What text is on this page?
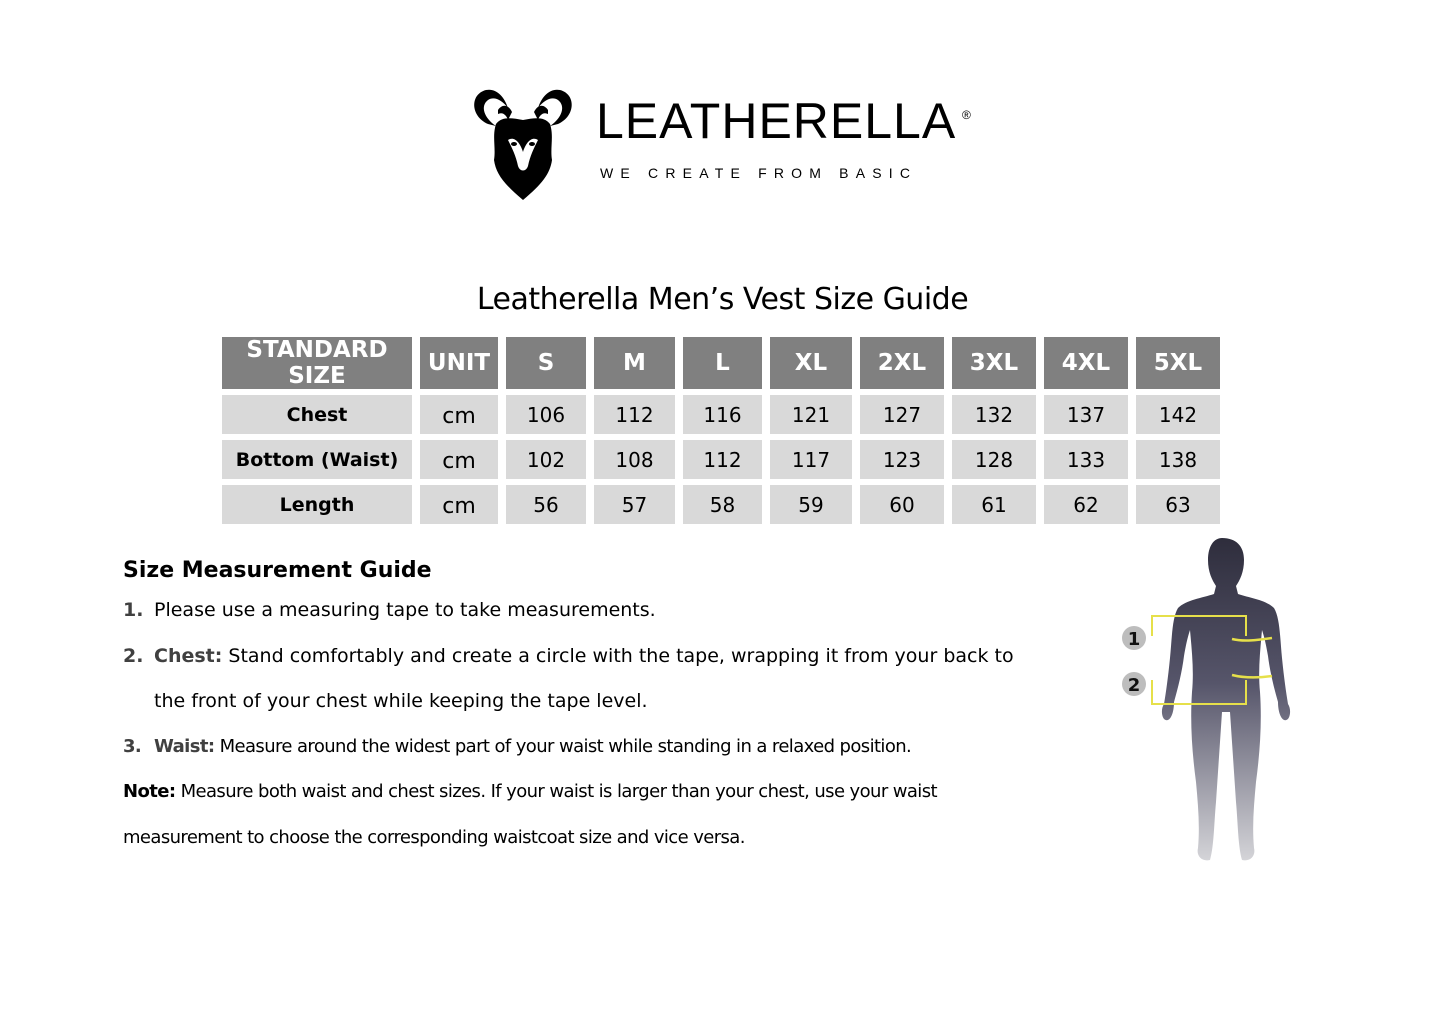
LEATHERELLA ®
WE CREATE FROM BASIC
Leatherella Men’s Vest Size Guide
STANDARD SIZE	UNIT	S	M	L	XL	2XL	3XL	4XL	5XL
Chest	cm	106	112	116	121	127	132	137	142
Bottom (Waist)	cm	102	108	112	117	123	128	133	138
Length	cm	56	57	58	59	60	61	62	63
Size Measurement Guide
1. Please use a measuring tape to take measurements.
2. Chest: Stand comfortably and create a circle with the tape, wrapping it from your back to
the front of your chest while keeping the tape level.
3. Waist: Measure around the widest part of your waist while standing in a relaxed position.
Note: Measure both waist and chest sizes. If your waist is larger than your chest, use your waist
measurement to choose the corresponding waistcoat size and vice versa.
1
2
